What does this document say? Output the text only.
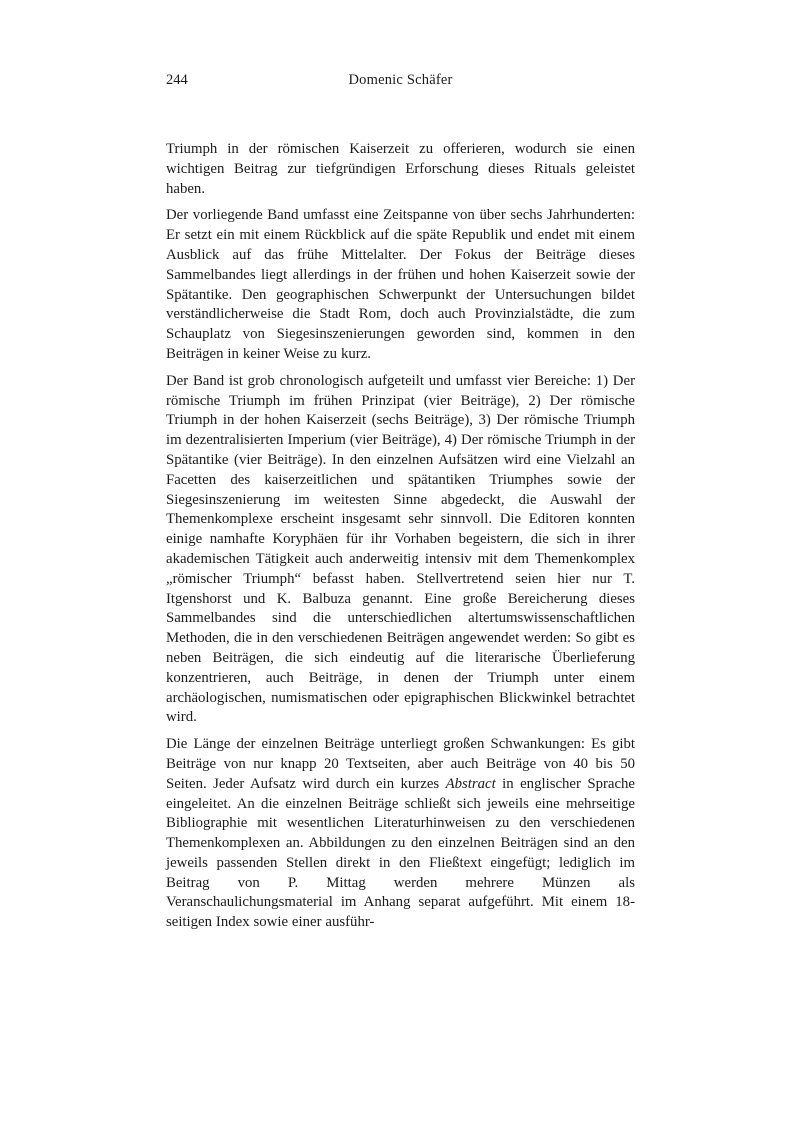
244	Domenic Schäfer

Triumph in der römischen Kaiserzeit zu offerieren, wodurch sie einen wichtigen Beitrag zur tiefgründigen Erforschung dieses Rituals geleistet haben.

Der vorliegende Band umfasst eine Zeitspanne von über sechs Jahrhunderten: Er setzt ein mit einem Rückblick auf die späte Republik und endet mit einem Ausblick auf das frühe Mittelalter. Der Fokus der Beiträge dieses Sammelbandes liegt allerdings in der frühen und hohen Kaiserzeit sowie der Spätantike. Den geographischen Schwerpunkt der Untersuchungen bildet verständlicherweise die Stadt Rom, doch auch Provinzialstädte, die zum Schauplatz von Siegesinszenierungen geworden sind, kommen in den Beiträgen in keiner Weise zu kurz.

Der Band ist grob chronologisch aufgeteilt und umfasst vier Bereiche: 1) Der römische Triumph im frühen Prinzipat (vier Beiträge), 2) Der römische Triumph in der hohen Kaiserzeit (sechs Beiträge), 3) Der römische Triumph im dezentralisierten Imperium (vier Beiträge), 4) Der römische Triumph in der Spätantike (vier Beiträge). In den einzelnen Aufsätzen wird eine Vielzahl an Facetten des kaiserzeitlichen und spätantiken Triumphes sowie der Siegesinszenierung im weitesten Sinne abgedeckt, die Auswahl der Themenkomplexe erscheint insgesamt sehr sinnvoll. Die Editoren konnten einige namhafte Koryphäen für ihr Vorhaben begeistern, die sich in ihrer akademischen Tätigkeit auch anderweitig intensiv mit dem Themenkomplex „römischer Triumph“ befasst haben. Stellvertretend seien hier nur T. Itgenshorst und K. Balbuza genannt. Eine große Bereicherung dieses Sammelbandes sind die unterschiedlichen altertumswissenschaftlichen Methoden, die in den verschiedenen Beiträgen angewendet werden: So gibt es neben Beiträgen, die sich eindeutig auf die literarische Überlieferung konzentrieren, auch Beiträge, in denen der Triumph unter einem archäologischen, numismatischen oder epigraphischen Blickwinkel betrachtet wird.

Die Länge der einzelnen Beiträge unterliegt großen Schwankungen: Es gibt Beiträge von nur knapp 20 Textseiten, aber auch Beiträge von 40 bis 50 Seiten. Jeder Aufsatz wird durch ein kurzes Abstract in englischer Sprache eingeleitet. An die einzelnen Beiträge schließt sich jeweils eine mehrseitige Bibliographie mit wesentlichen Literaturhinweisen zu den verschiedenen Themenkomplexen an. Abbildungen zu den einzelnen Beiträgen sind an den jeweils passenden Stellen direkt in den Fließtext eingefügt; lediglich im Beitrag von P. Mittag werden mehrere Münzen als Veranschaulichungsmaterial im Anhang separat aufgeführt. Mit einem 18-seitigen Index sowie einer ausführ-
